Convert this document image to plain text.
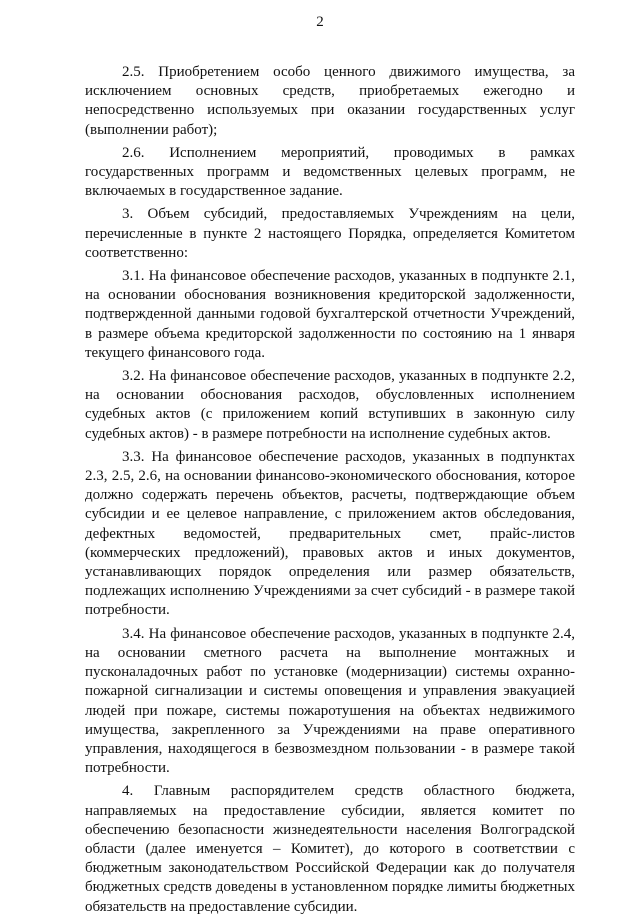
2

2.5. Приобретением особо ценного движимого имущества, за исключением основных средств, приобретаемых ежегодно и непосредственно используемых при оказании государственных услуг (выполнении работ);

2.6. Исполнением мероприятий, проводимых в рамках государственных программ и ведомственных целевых программ, не включаемых в государственное задание.

3. Объем субсидий, предоставляемых Учреждениям на цели, перечисленные в пункте 2 настоящего Порядка, определяется Комитетом соответственно:

3.1. На финансовое обеспечение расходов, указанных в подпункте 2.1, на основании обоснования возникновения кредиторской задолженности, подтвержденной данными годовой бухгалтерской отчетности Учреждений, в размере объема кредиторской задолженности по состоянию на 1 января текущего финансового года.

3.2. На финансовое обеспечение расходов, указанных в подпункте 2.2, на основании обоснования расходов, обусловленных исполнением судебных актов (с приложением копий вступивших в законную силу судебных актов) - в размере потребности на исполнение судебных актов.

3.3. На финансовое обеспечение расходов, указанных в подпунктах 2.3, 2.5, 2.6, на основании финансово-экономического обоснования, которое должно содержать перечень объектов, расчеты, подтверждающие объем субсидии и ее целевое направление, с приложением актов обследования, дефектных ведомостей, предварительных смет, прайс-листов (коммерческих предложений), правовых актов и иных документов, устанавливающих порядок определения или размер обязательств, подлежащих исполнению Учреждениями за счет субсидий - в размере такой потребности.

3.4. На финансовое обеспечение расходов, указанных в подпункте 2.4, на основании сметного расчета на выполнение монтажных и пусконаладочных работ по установке (модернизации) системы охранно-пожарной сигнализации и системы оповещения и управления эвакуацией людей при пожаре, системы пожаротушения на объектах недвижимого имущества, закрепленного за Учреждениями на праве оперативного управления, находящегося в безвозмездном пользовании - в размере такой потребности.

4. Главным распорядителем средств областного бюджета, направляемых на предоставление субсидии, является комитет по обеспечению безопасности жизнедеятельности населения Волгоградской области (далее именуется – Комитет), до которого в соответствии с бюджетным законодательством Российской Федерации как до получателя бюджетных средств доведены в установленном порядке лимиты бюджетных обязательств на предоставление субсидии.
